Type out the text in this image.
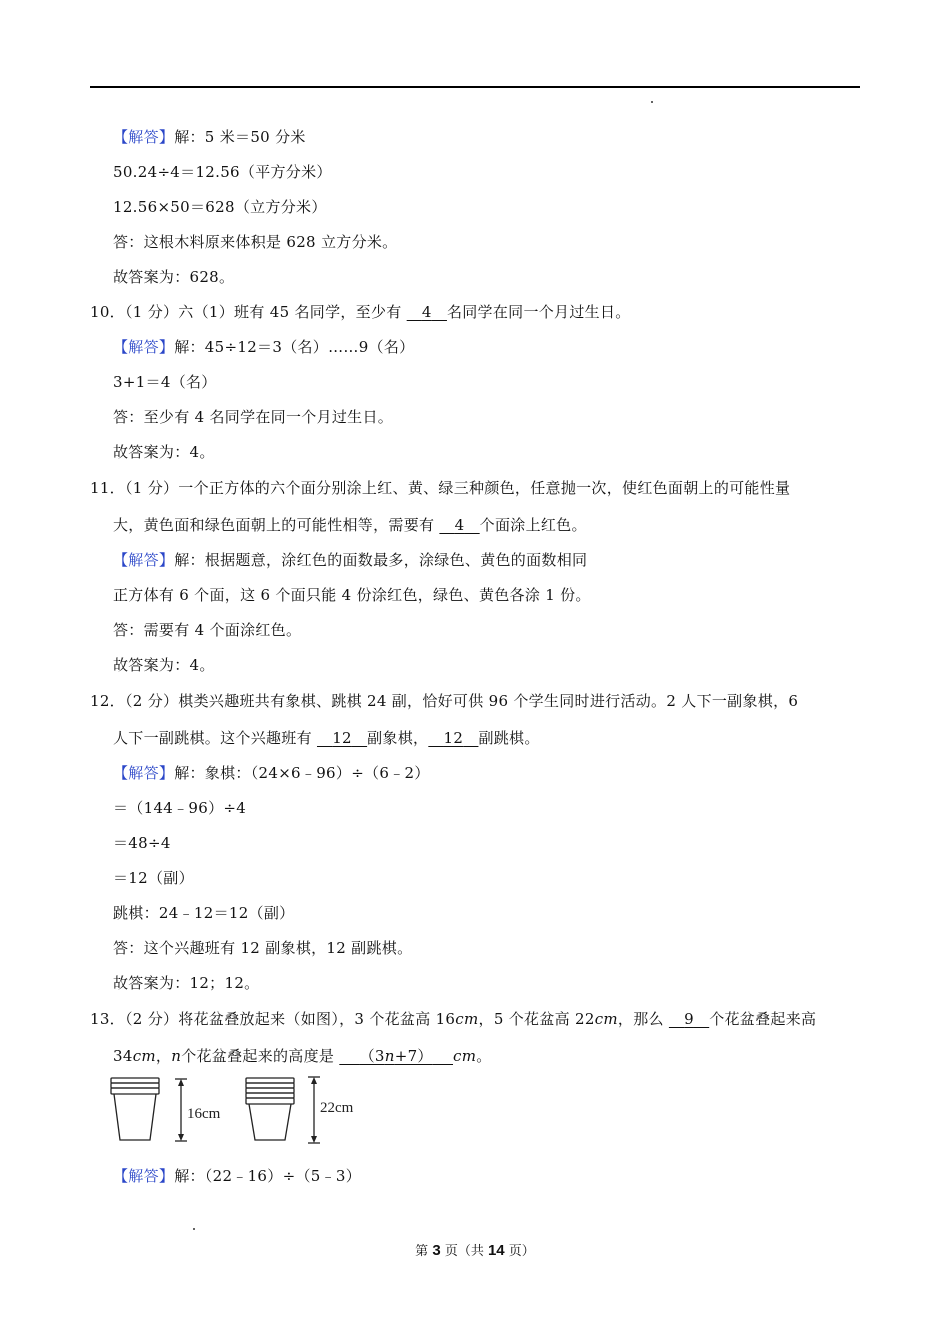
【解答】解：5 米＝50 分米
50.24÷4＝12.56（平方分米）
12.56×50＝628（立方分米）
答：这根木料原来体积是 628 立方分米。
故答案为：628。
10．（1 分）六（1）班有 45 名同学，至少有 4 名同学在同一个月过生日。
【解答】解：45÷12＝3（名）……9（名）
3+1＝4（名）
答：至少有 4 名同学在同一个月过生日。
故答案为：4。
11．（1 分）一个正方体的六个面分别涂上红、黄、绿三种颜色，任意抛一次，使红色面朝上的可能性量
大，黄色面和绿色面朝上的可能性相等，需要有 4 个面涂上红色。
【解答】解：根据题意，涂红色的面数最多，涂绿色、黄色的面数相同
正方体有 6 个面，这 6 个面只能 4 份涂红色，绿色、黄色各涂 1 份。
答：需要有 4 个面涂红色。
故答案为：4。
12．（2 分）棋类兴趣班共有象棋、跳棋 24 副，恰好可供 96 个学生同时进行活动。2 人下一副象棋，6
人下一副跳棋。这个兴趣班有 12 副象棋， 12 副跳棋。
【解答】解：象棋：（24×6﹣96）÷（6﹣2）
＝（144﹣96）÷4
＝48÷4
＝12（副）
跳棋：24﹣12＝12（副）
答：这个兴趣班有 12 副象棋，12 副跳棋。
故答案为：12；12。
13．（2 分）将花盆叠放起来（如图），3 个花盆高 16cm，5 个花盆高 22cm，那么 9 个花盆叠起来高
34cm，n个花盆叠起来的高度是 （3n+7） cm。
16cm	22cm
【解答】解：（22﹣16）÷（5﹣3）
第 3 页（共 14 页）
